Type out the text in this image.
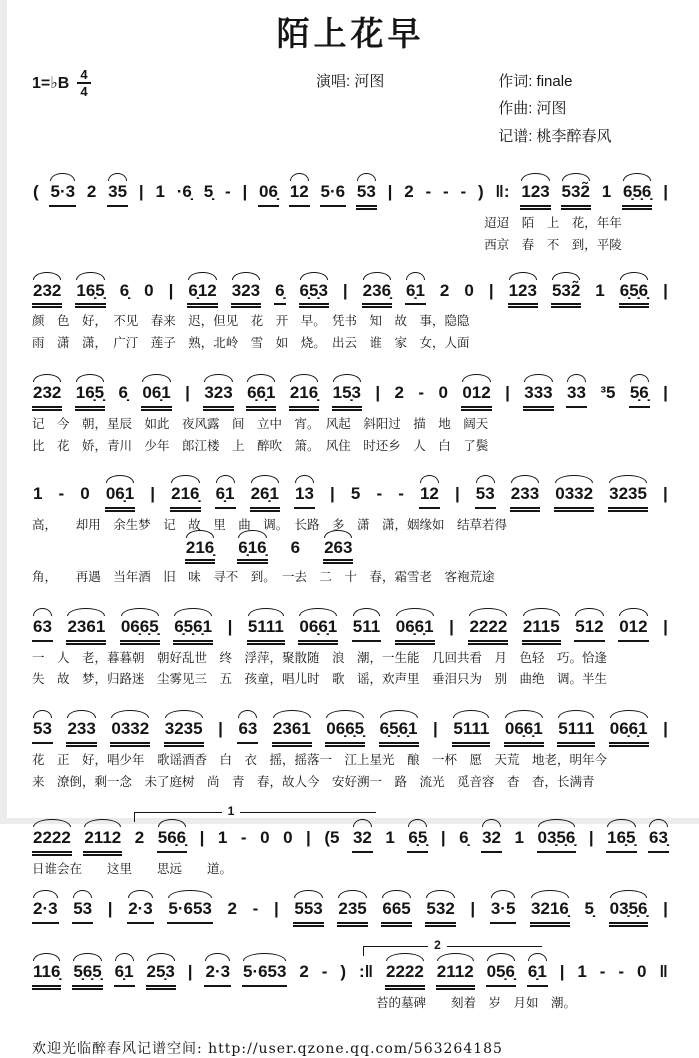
陌上花早
1=♭B $\frac{4}{4}$	演唱: 河图	作词: finale
作曲: 河图
记谱: 桃李醉春风
( 5·3 2 35 | 1 ·6̣ 5̣ - | 06̣ 12 5·6 53 | 2 - - - ) ‖: 123 532̃ 1 6̣5̣6̣ |
迢迢　陌　上　花，年年
西京　春　不　到，平陵
232 16̣5̣ 6̣ 0 | 6̣12 323 6̣ 6̣5̣3 | 236̣ 6̣1 2 0 | 123 532̃ 1 6̣5̣6̣ |
颜　色　好，　不见　春来　迟，但见　花　开　早。　凭书　知　故　事，隐隐
雨　潇　潇，　广汀　莲子　熟，北岭　雪　如　烧。　出云　谁　家　女，人面
232 16̣5̣ 6̣ 06̣1 | 323 6̣6̣1 216̣ 15̣3 | 2 - 0 012 | 333 33 ³5 5̣6̣ |
记　今　朝，星辰　如此　夜风露　间　立中　宵。　风起　斜阳过　描　地　阔天
比　花　娇，青川　少年　郎江楼　上　醉吹　箫。　风住　时还乡　人　白　了鬓
1 - 0 06̣1 | 216̣ 6̣1 26̣1 13 | 5 - - 12 | 53 233 0332 3235 |
高，　　却用　余生梦　记　故　里　曲　调。　长路　多　潇　潇，姻缘如　结草若得
216̣ 6̣16̣ 6 263
角，　　再遇　当年酒　旧　味　寻不　到。　一去　二　十　春，霜雪老　客袍荒途
63 2361 06̣6̣5̣ 6̣5̣6̣1 | 5111 06̣6̣1 511 06̣6̣1 | 2222 2115 512 012 |
一　人　老，暮暮朝　朝好乱世　终　浮萍，聚散随　浪　潮，一生能　几回共看　月　色轻　巧。恰逢
失　故　梦，归路迷　尘雾见三　五　孩童，唱儿时　歌　谣，欢声里　垂泪只为　别　曲绝　调。半生
53 233 0332 3235 | 63 2361 06̣6̣5̣ 6̣5̣6̣1 | 5111 06̣6̣1 5111 06̣6̣1 |
花　正　好，唱少年　歌谣酒香　白　衣　摇，摇落一　江上星光　酿　一杯　愿　天荒　地老，明年今
来　潦倒，剩一念　未了庭树　尚　青　春，故人今　安好溯一　路　流光　觅音容　杳　杳，长满青
1
2222 2112 2 56̣6̣ | 1 - 0 0 | (5 32 1 6̣5̣ | 6̣ 32 1 03̣5̣6̣ | 16̣5̣ 63̣
日谁会在　　这里　　思远　　道。
2·3 53 | 2·3 5·653 2 - | 553 235 665 532 | 3·5 3216̣ 5̣ 03̣5̣6̣ |
2
116̣ 5̣6̣5̣ 6̣1 25̣3 | 2·3 5·653 2 - ) :‖ 2222 2112 05̣6̣ 6̣1 | 1 - - 0 ‖
苔的墓碑　　刻着　岁　月如　潮。
欢迎光临醉春风记谱空间: http://user.qzone.qq.com/563264185
